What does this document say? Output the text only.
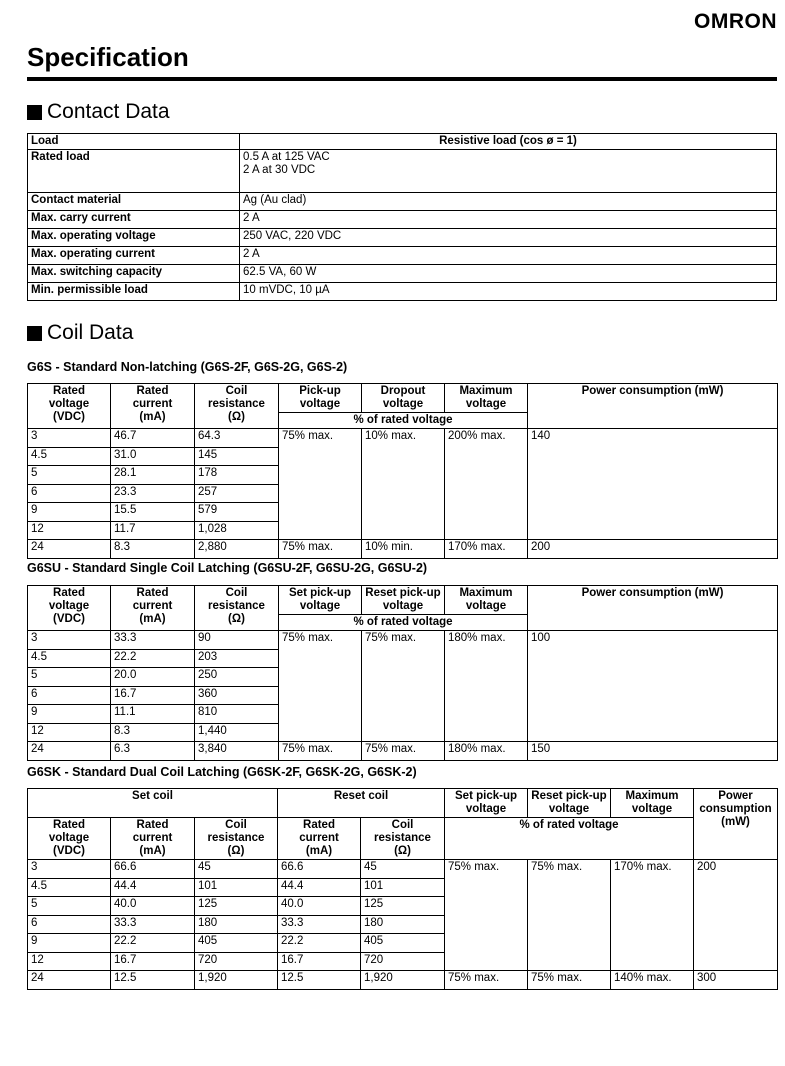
OMRON
Specification
Contact Data
Load	Resistive load (cos ø = 1)
Rated load	0.5 A at 125 VAC
2 A at 30 VDC
Contact material	Ag (Au clad)
Max. carry current	2 A
Max. operating voltage	250 VAC, 220 VDC
Max. operating current	2 A
Max. switching capacity	62.5 VA, 60 W
Min. permissible load	10 mVDC, 10 µA
Coil Data
G6S - Standard Non-latching (G6S-2F, G6S-2G, G6S-2)
Rated
voltage
(VDC)	Rated
current
(mA)	Coil
resistance
(Ω)	Pick-up
voltage	Dropout
voltage	Maximum
voltage	Power consumption (mW)
			% of rated voltage			
3	46.7	64.3	75% max.	10% max.	200% max.	140
4.5	31.0	145				
5	28.1	178				
6	23.3	257				
9	15.5	579				
12	11.7	1,028				
24	8.3	2,880	75% max.	10% min.	170% max.	200
G6SU - Standard Single Coil Latching (G6SU-2F, G6SU-2G, G6SU-2)
Rated
voltage
(VDC)	Rated
current
(mA)	Coil
resistance
(Ω)	Set pick-up
voltage	Reset pick-up
voltage	Maximum
voltage	Power consumption (mW)
			% of rated voltage			
3	33.3	90	75% max.	75% max.	180% max.	100
4.5	22.2	203				
5	20.0	250				
6	16.7	360				
9	11.1	810				
12	8.3	1,440				
24	6.3	3,840	75% max.	75% max.	180% max.	150
G6SK - Standard Dual Coil Latching (G6SK-2F, G6SK-2G, G6SK-2)
Set coil			Reset coil		Set pick-up
voltage	Reset pick-up
voltage	Maximum
voltage	Power
consumption
(mW)
Rated
voltage
(VDC)	Rated
current
(mA)	Coil
resistance
(Ω)	Rated
current
(mA)	Coil
resistance
(Ω)	% of rated voltage			
3	66.6	45	66.6	45	75% max.	75% max.	170% max.	200
4.5	44.4	101	44.4	101				
5	40.0	125	40.0	125				
6	33.3	180	33.3	180				
9	22.2	405	22.2	405				
12	16.7	720	16.7	720				
24	12.5	1,920	12.5	1,920	75% max.	75% max.	140% max.	300
